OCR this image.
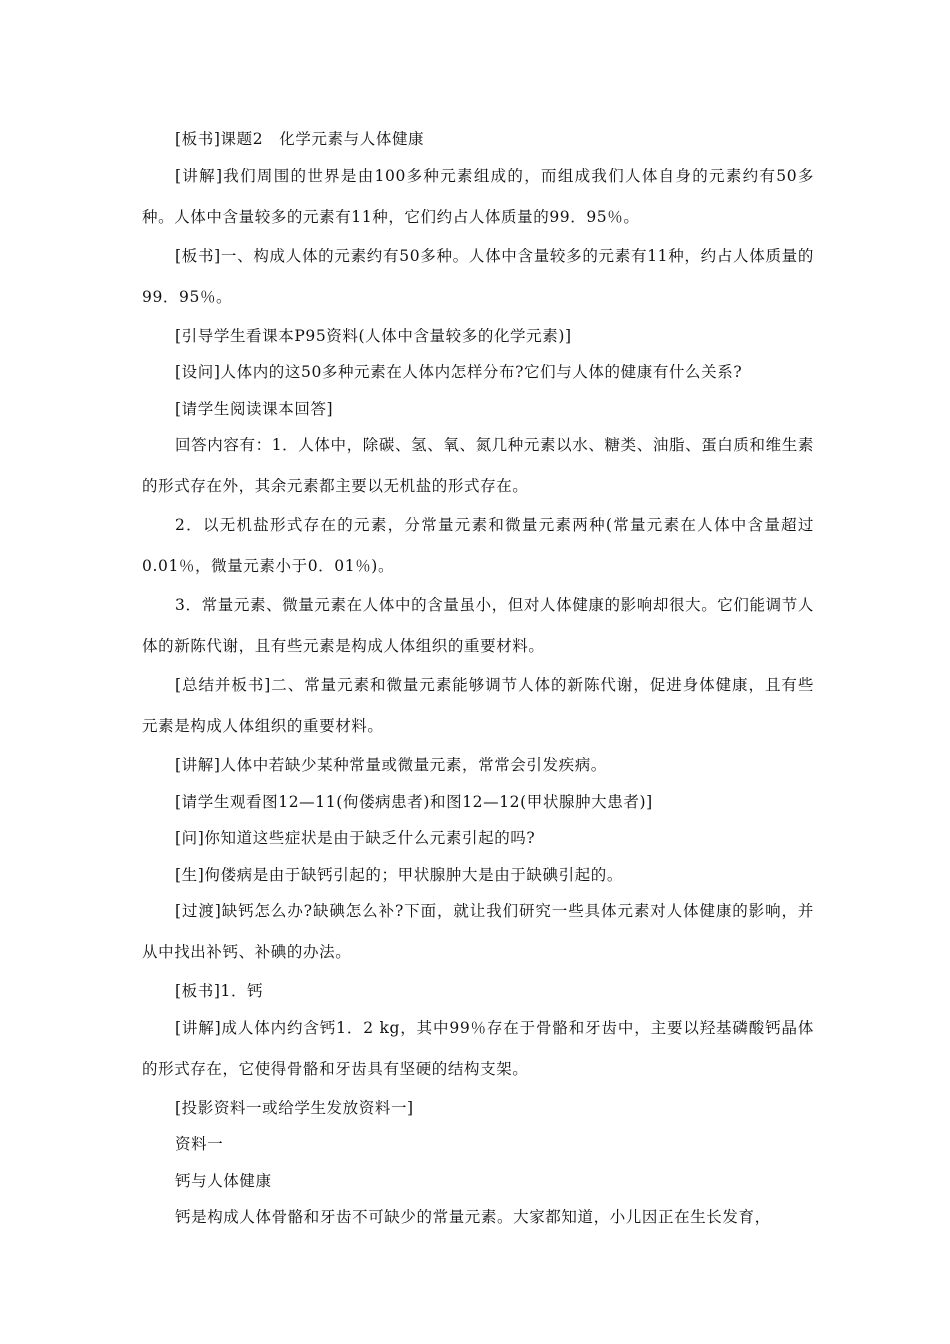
[板书]课题2　化学元素与人体健康

[讲解]我们周围的世界是由100多种元素组成的，而组成我们人体自身的元素约有50多种。人体中含量较多的元素有11种，它们约占人体质量的99．95％。

[板书]一、构成人体的元素约有50多种。人体中含量较多的元素有11种，约占人体质量的99．95％。

[引导学生看课本P95资料(人体中含量较多的化学元素)]

[设问]人体内的这50多种元素在人体内怎样分布?它们与人体的健康有什么关系?

[请学生阅读课本回答]

回答内容有：1．人体中，除碳、氢、氧、氮几种元素以水、糖类、油脂、蛋白质和维生素的形式存在外，其余元素都主要以无机盐的形式存在。

2．以无机盐形式存在的元素，分常量元素和微量元素两种(常量元素在人体中含量超过0.01％，微量元素小于0．01％)。

3．常量元素、微量元素在人体中的含量虽小，但对人体健康的影响却很大。它们能调节人体的新陈代谢，且有些元素是构成人体组织的重要材料。

[总结并板书]二、常量元素和微量元素能够调节人体的新陈代谢，促进身体健康，且有些元素是构成人体组织的重要材料。

[讲解]人体中若缺少某种常量或微量元素，常常会引发疾病。

[请学生观看图12—11(佝偻病患者)和图12—12(甲状腺肿大患者)]

[问]你知道这些症状是由于缺乏什么元素引起的吗?

[生]佝偻病是由于缺钙引起的；甲状腺肿大是由于缺碘引起的。

[过渡]缺钙怎么办?缺碘怎么补?下面，就让我们研究一些具体元素对人体健康的影响，并从中找出补钙、补碘的办法。

[板书]1．钙

[讲解]成人体内约含钙1．2 kg，其中99％存在于骨骼和牙齿中，主要以羟基磷酸钙晶体的形式存在，它使得骨骼和牙齿具有坚硬的结构支架。

[投影资料一或给学生发放资料一]

资料一

钙与人体健康

钙是构成人体骨骼和牙齿不可缺少的常量元素。大家都知道，小儿因正在生长发育，
